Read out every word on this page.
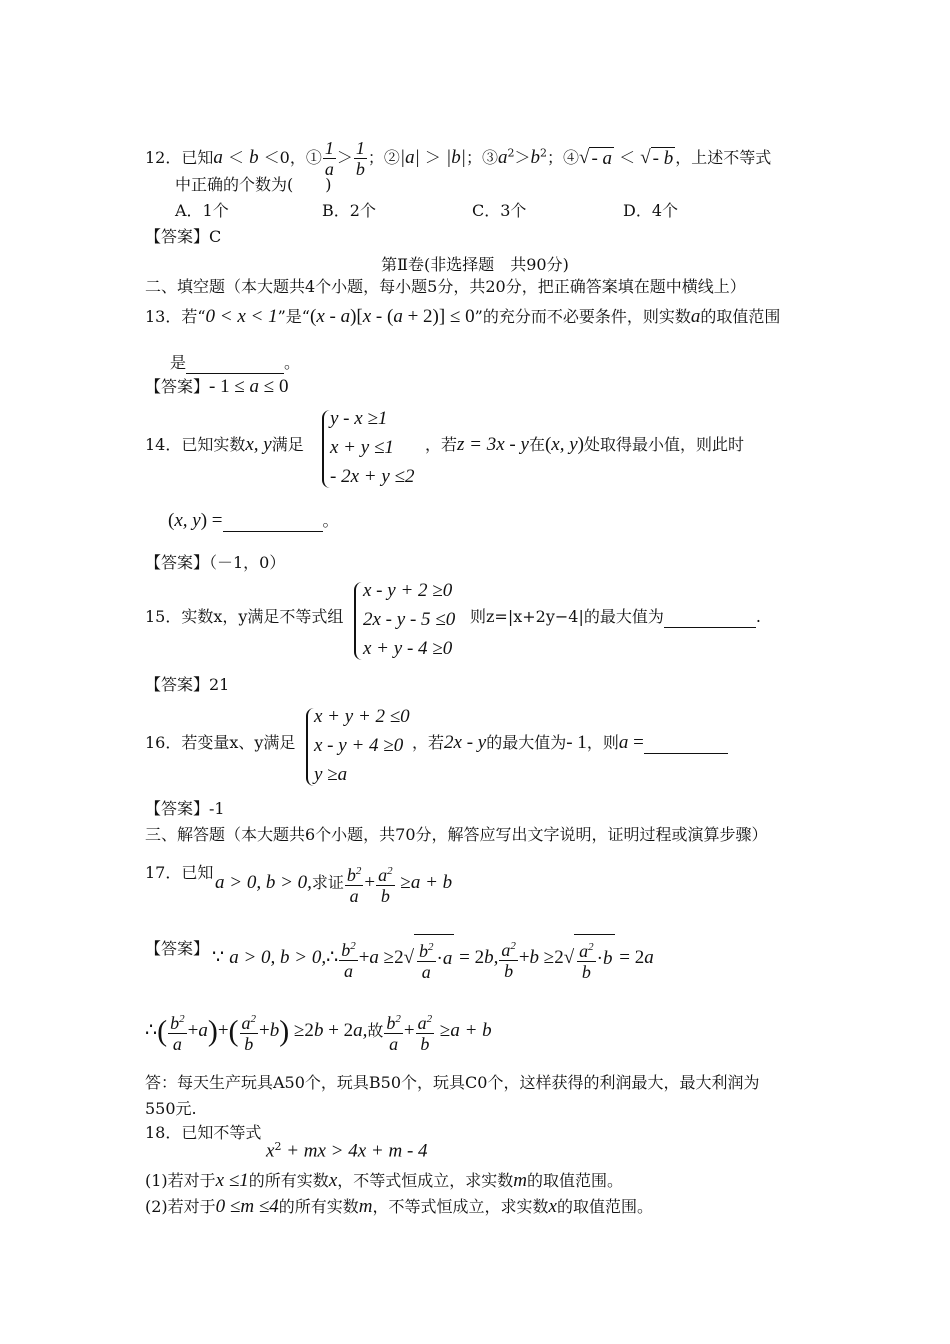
12．已知a ＜ b ＜0，① $\frac{1}{a} > \frac{1}{b}$ ；②|a| ＞ |b|；$③a^2>b^2$；④√ - a ＜ √ - b ，上述不等式
中正确的个数为(　　)
A．1个	B．2个	C．3个	D．4个
【答案】C
第Ⅱ卷(非选择题　共90分)
二、填空题（本大题共4个小题，每小题5分，共20分，把正确答案填在题中横线上）
13．若“0 < x < 1”是“(x - a)[x - (a + 2)] ≤ 0”的充分而不必要条件，则实数a的取值范围
是	。
【答案】- 1 ≤ a ≤ 0
y - x ≥1
x + y ≤1
- 2x + y ≤2
14．已知实数x, y满足	，若z = 3x - y在(x, y)处取得最小值，则此时
(x, y) =	。
【答案】（－1，0）
x - y + 2 ≥0
2x - y - 5 ≤0
x + y - 4 ≥0
15．实数x，y满足不等式组	则z=|x+2y−4|的最大值为	.
【答案】21
x + y + 2 ≤0
x - y + 4 ≥0
y ≥a
16．若变量x、y满足	，若2x - y的最大值为- 1，则a =
【答案】-1
三、解答题（本大题共6个小题，共70分，解答应写出文字说明，证明过程或演算步骤）
17．已知 a > 0, b > 0,求证 $\frac{b^2}{a} + \frac{a^2}{b} \ge a + b$
【答案】 ∵ a > 0, b > 0,∴ $\frac{b^2}{a} +a \ge 2√ \frac{b^2}{a} \cdot a = 2b$, $\frac{a^2}{b} +b \ge 2√ \frac{a^2}{b} \cdot b = 2a$
∴( $\frac{b^2}{a} +a)+( \frac{a^2}{b} +b) \ge 2b + 2a$,故 $\frac{b^2}{a} + \frac{a^2}{b} \ge a + b$
答：每天生产玩具A50个，玩具B50个，玩具C0个，这样获得的利润最大，最大利润为
550元.
18．已知不等式
$x^2$ + mx > 4x + m - 4
(1)若对于x ≤1的所有实数x，不等式恒成立，求实数m的取值范围。
(2)若对于0 ≤m ≤4的所有实数m，不等式恒成立，求实数x的取值范围。
